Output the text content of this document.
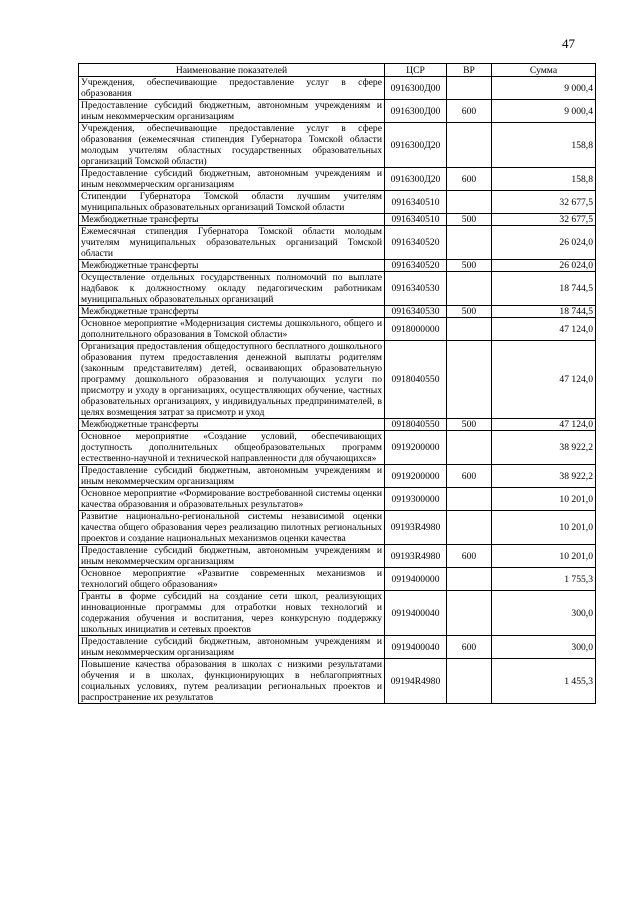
47
Наименование показателей	ЦСР	ВР	Сумма
Учреждения, обеспечивающие предоставление услуг в сфере образования	0916300Д00		9 000,4
Предоставление субсидий бюджетным, автономным учреждениям и иным некоммерческим организациям	0916300Д00	600	9 000,4
Учреждения, обеспечивающие предоставление услуг в сфере образования (ежемесячная стипендия Губернатора Томской области молодым учителям областных государственных образовательных организаций Томской области)	0916300Д20		158,8
Предоставление субсидий бюджетным, автономным учреждениям и иным некоммерческим организациям	0916300Д20	600	158,8
Стипендии Губернатора Томской области лучшим учителям муниципальных образовательных организаций Томской области	0916340510		32 677,5
Межбюджетные трансферты	0916340510	500	32 677,5
Ежемесячная стипендия Губернатора Томской области молодым учителям муниципальных образовательных организаций Томской области	0916340520		26 024,0
Межбюджетные трансферты	0916340520	500	26 024,0
Осуществление отдельных государственных полномочий по выплате надбавок к должностному окладу педагогическим работникам муниципальных образовательных организаций	0916340530		18 744,5
Межбюджетные трансферты	0916340530	500	18 744,5
Основное мероприятие «Модернизация системы дошкольного, общего и дополнительного образования в Томской области»	0918000000		47 124,0
Организация предоставления общедоступного бесплатного дошкольного образования путем предоставления денежной выплаты родителям (законным представителям) детей, осваивающих образовательную программу дошкольного образования и получающих услуги по присмотру и уходу в организациях, осуществляющих обучение, частных образовательных организациях, у индивидуальных предпринимателей, в целях возмещения затрат за присмотр и уход	0918040550		47 124,0
Межбюджетные трансферты	0918040550	500	47 124,0
Основное мероприятие «Создание условий, обеспечивающих доступность дополнительных общеобразовательных программ естественно-научной и технической направленности для обучающихся»	0919200000		38 922,2
Предоставление субсидий бюджетным, автономным учреждениям и иным некоммерческим организациям	0919200000	600	38 922,2
Основное мероприятие «Формирование востребованной системы оценки качества образования и образовательных результатов»	0919300000		10 201,0
Развитие национально-региональной системы независимой оценки качества общего образования через реализацию пилотных региональных проектов и создание национальных механизмов оценки качества	09193R4980		10 201,0
Предоставление субсидий бюджетным, автономным учреждениям и иным некоммерческим организациям	09193R4980	600	10 201,0
Основное мероприятие «Развитие современных механизмов и технологий общего образования»	0919400000		1 755,3
Гранты в форме субсидий на создание сети школ, реализующих инновационные программы для отработки новых технологий и содержания обучения и воспитания, через конкурсную поддержку школьных инициатив и сетевых проектов	0919400040		300,0
Предоставление субсидий бюджетным, автономным учреждениям и иным некоммерческим организациям	0919400040	600	300,0
Повышение качества образования в школах с низкими результатами обучения и в школах, функционирующих в неблагоприятных социальных условиях, путем реализации региональных проектов и распространение их результатов	09194R4980		1 455,3
